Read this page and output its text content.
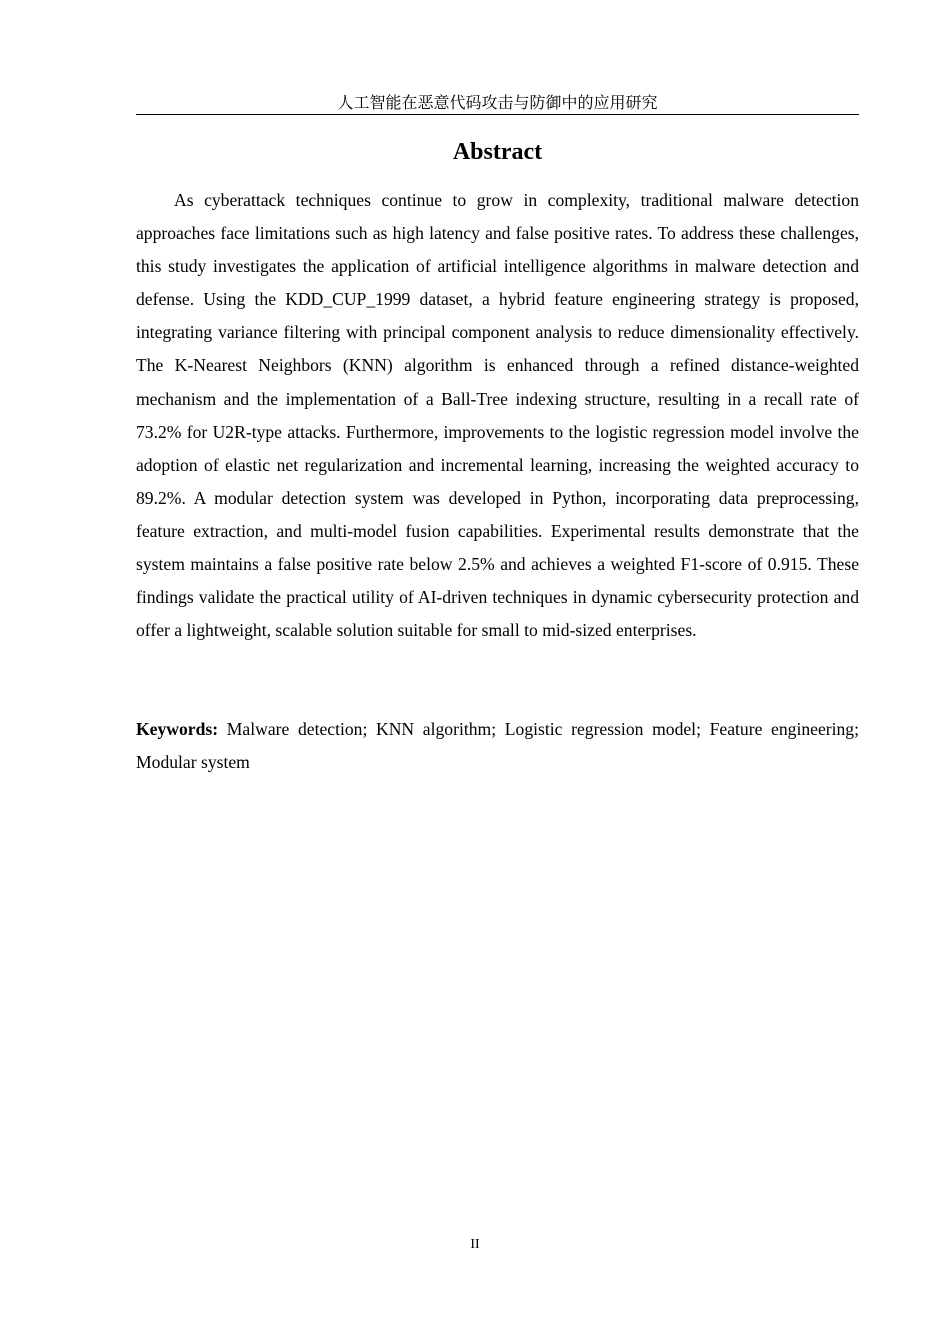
人工智能在恶意代码攻击与防御中的应用研究
Abstract

As cyberattack techniques continue to grow in complexity, traditional malware detection approaches face limitations such as high latency and false positive rates. To address these challenges, this study investigates the application of artificial intelligence algorithms in malware detection and defense. Using the KDD_CUP_1999 dataset, a hybrid feature engineering strategy is proposed, integrating variance filtering with principal component analysis to reduce dimensionality effectively. The K-Nearest Neighbors (KNN) algorithm is enhanced through a refined distance-weighted mechanism and the implementation of a Ball-Tree indexing structure, resulting in a recall rate of 73.2% for U2R-type attacks. Furthermore, improvements to the logistic regression model involve the adoption of elastic net regularization and incremental learning, increasing the weighted accuracy to 89.2%. A modular detection system was developed in Python, incorporating data preprocessing, feature extraction, and multi-model fusion capabilities. Experimental results demonstrate that the system maintains a false positive rate below 2.5% and achieves a weighted F1-score of 0.915. These findings validate the practical utility of AI-driven techniques in dynamic cybersecurity protection and offer a lightweight, scalable solution suitable for small to mid-sized enterprises.

Keywords: Malware detection; KNN algorithm; Logistic regression model; Feature engineering; Modular system

II
